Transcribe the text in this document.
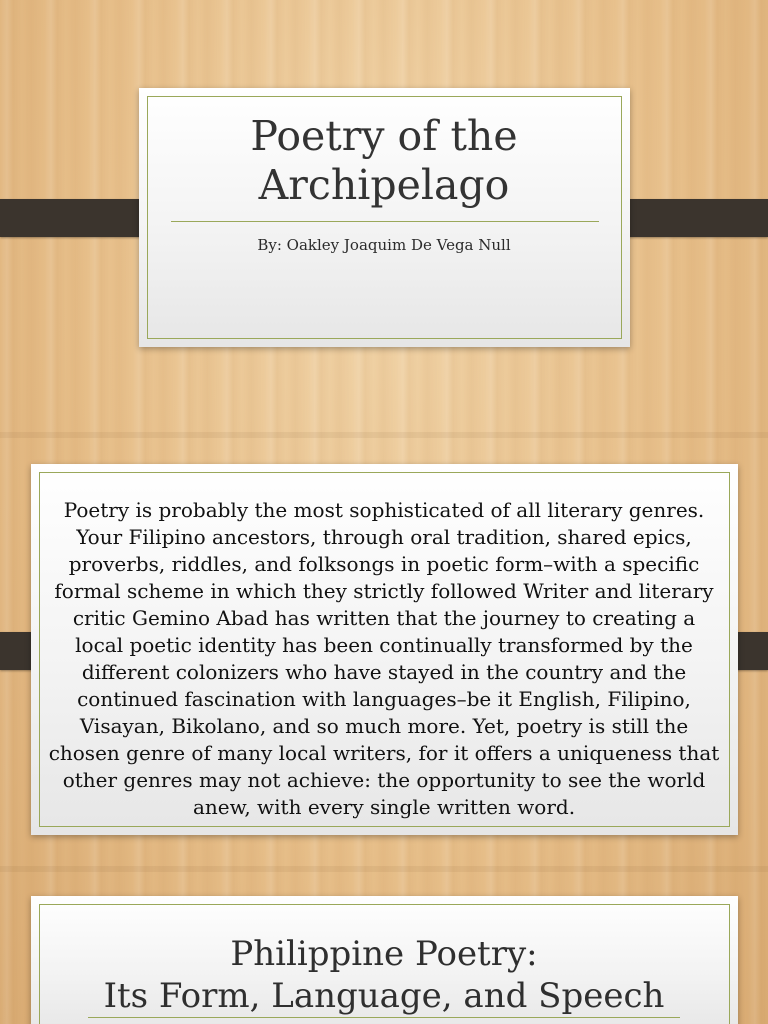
Poetry of the
Archipelago
By: Oakley Joaquim De Vega Null

Poetry is probably the most sophisticated of all literary genres. Your Filipino ancestors, through oral tradition, shared epics, proverbs, riddles, and folksongs in poetic form–with a specific formal scheme in which they strictly followed Writer and literary critic Gemino Abad has written that the journey to creating a local poetic identity has been continually transformed by the different colonizers who have stayed in the country and the continued fascination with languages–be it English, Filipino, Visayan, Bikolano, and so much more. Yet, poetry is still the chosen genre of many local writers, for it offers a uniqueness that other genres may not achieve: the opportunity to see the world anew, with every single written word.

Philippine Poetry:
Its Form, Language, and Speech
